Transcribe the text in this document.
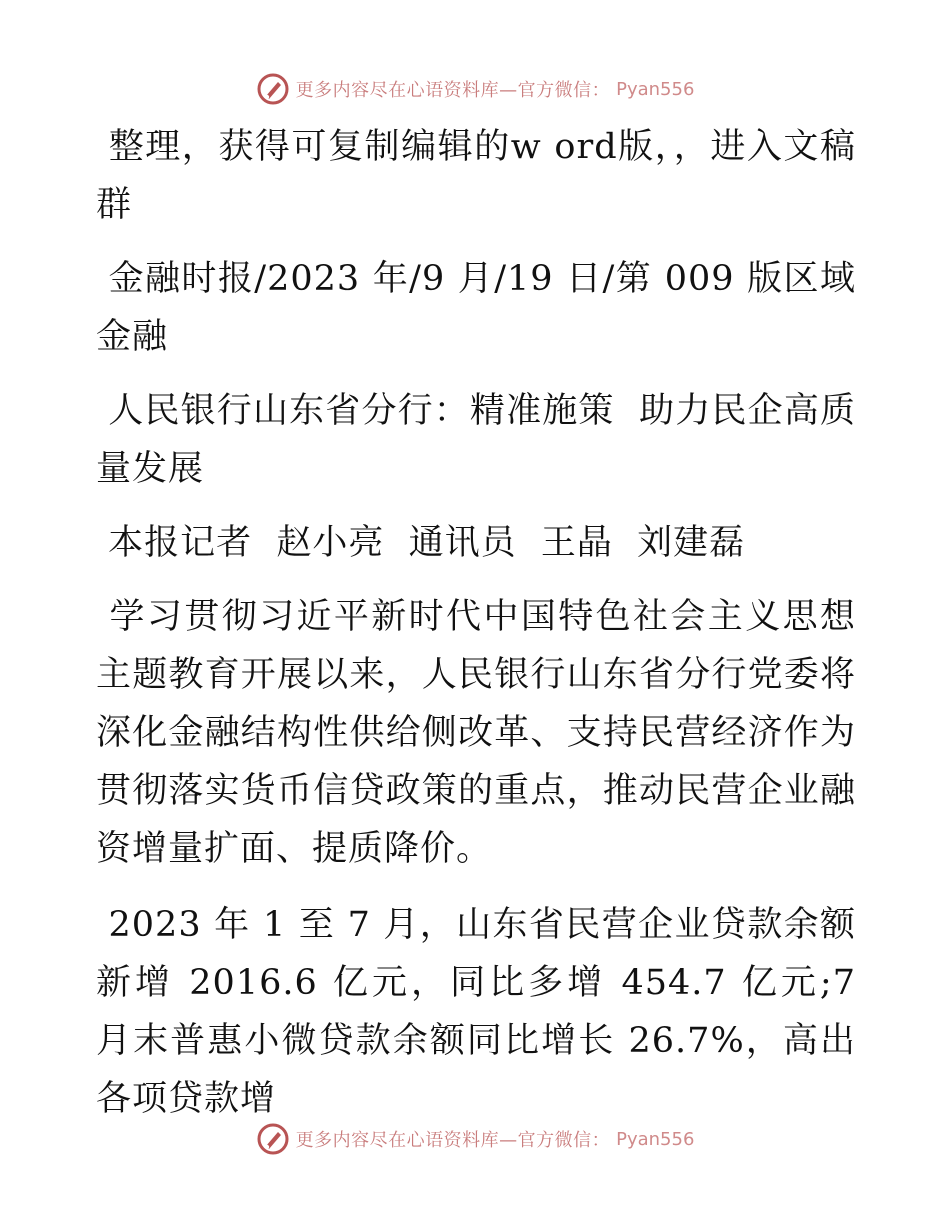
更多内容尽在心语资料库—官方微信： Pyan556

整理，获得可复制编辑的w ord版，，进入文稿群

金融时报/2023 年/9 月/19 日/第 009 版区域金融

人民银行山东省分行：精准施策  助力民企高质量发展

本报记者  赵小亮  通讯员  王晶  刘建磊

学习贯彻习近平新时代中国特色社会主义思想主题教育开展以来，人民银行山东省分行党委将深化金融结构性供给侧改革、支持民营经济作为贯彻落实货币信贷政策的重点，推动民营企业融资增量扩面、提质降价。

2023 年 1 至 7 月，山东省民营企业贷款余额新增 2016.6 亿元，同比多增 454.7 亿元;7 月末普惠小微贷款余额同比增长 26.7%，高出各项贷款增

更多内容尽在心语资料库—官方微信： Pyan556
